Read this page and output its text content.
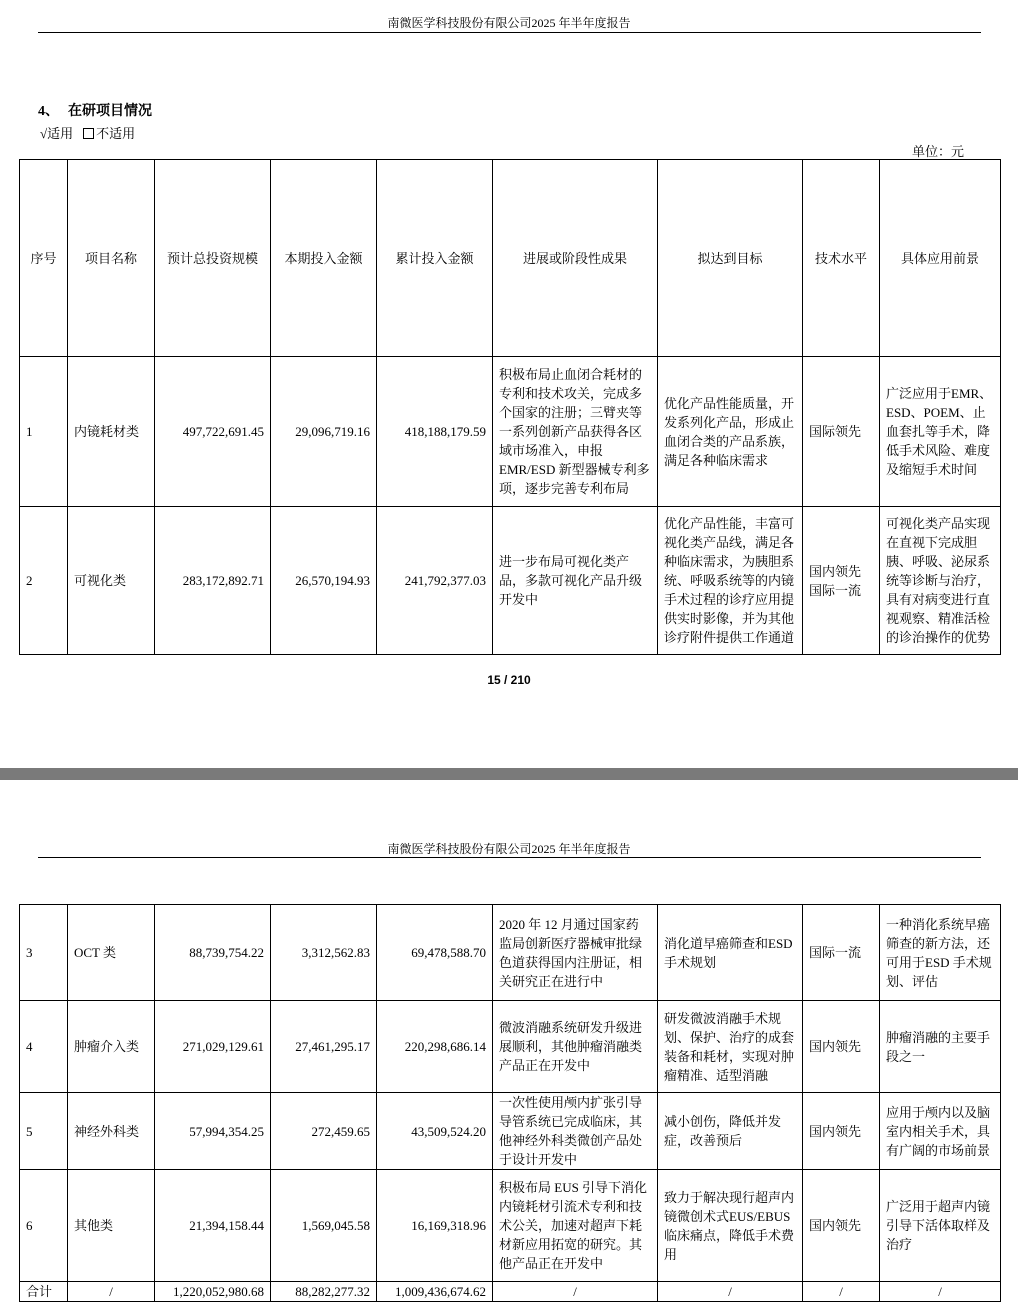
南微医学科技股份有限公司2025 年半年度报告
4、 在研项目情况
√适用 不适用
单位：元
序号	项目名称	预计总投资规模	本期投入金额	累计投入金额	进展或阶段性成果	拟达到目标	技术水平	具体应用前景
1	内镜耗材类	497,722,691.45	29,096,719.16	418,188,179.59	积极布局止血闭合耗材的专利和技术攻关，完成多个国家的注册；三臂夹等一系列创新产品获得各区域市场准入，申报 EMR/ESD 新型器械专利多项，逐步完善专利布局	优化产品性能质量，开发系列化产品，形成止血闭合类的产品系族，满足各种临床需求	国际领先	广泛应用于EMR、ESD、POEM、止血套扎等手术，降低手术风险、难度及缩短手术时间
2	可视化类	283,172,892.71	26,570,194.93	241,792,377.03	进一步布局可视化类产品，多款可视化产品升级开发中	优化产品性能，丰富可视化类产品线，满足各种临床需求，为胰胆系统、呼吸系统等的内镜手术过程的诊疗应用提供实时影像，并为其他诊疗附件提供工作通道	国内领先国际一流	可视化类产品实现在直视下完成胆胰、呼吸、泌尿系统等诊断与治疗，具有对病变进行直视观察、精准活检的诊治操作的优势
15 / 210
南微医学科技股份有限公司2025 年半年度报告
3	OCT 类	88,739,754.22	3,312,562.83	69,478,588.70	2020 年 12 月通过国家药监局创新医疗器械审批绿色道获得国内注册证，相关研究正在进行中	消化道早癌筛查和ESD 手术规划	国际一流	一种消化系统早癌筛查的新方法，还可用于ESD 手术规划、评估
4	肿瘤介入类	271,029,129.61	27,461,295.17	220,298,686.14	微波消融系统研发升级进展顺利，其他肿瘤消融类产品正在开发中	研发微波消融手术规划、保护、治疗的成套装备和耗材，实现对肿瘤精准、适型消融	国内领先	肿瘤消融的主要手段之一
5	神经外科类	57,994,354.25	272,459.65	43,509,524.20	一次性使用颅内扩张引导导管系统已完成临床，其他神经外科类微创产品处于设计开发中	减小创伤，降低并发症，改善预后	国内领先	应用于颅内以及脑室内相关手术，具有广阔的市场前景
6	其他类	21,394,158.44	1,569,045.58	16,169,318.96	积极布局 EUS 引导下消化内镜耗材引流术专利和技术公关，加速对超声下耗材新应用拓宽的研究。其他产品正在开发中	致力于解决现行超声内镜微创术式EUS/EBUS 临床痛点，降低手术费用	国内领先	广泛用于超声内镜引导下活体取样及治疗
合计	/	1,220,052,980.68	88,282,277.32	1,009,436,674.62	/	/	/	/
